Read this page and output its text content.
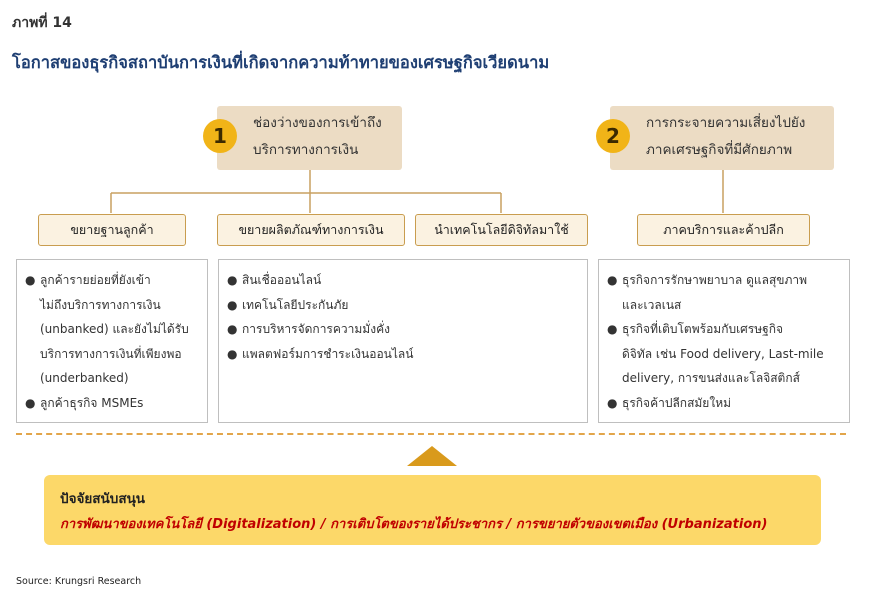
ภาพที่ 14
โอกาสของธุรกิจสถาบันการเงินที่เกิดจากความท้าทายของเศรษฐกิจเวียดนาม
1
ช่องว่างของการเข้าถึง
บริการทางการเงิน
2
การกระจายความเสี่ยงไปยัง
ภาคเศรษฐกิจที่มีศักยภาพ
ขยายฐานลูกค้า	ขยายผลิตภัณฑ์ทางการเงิน	นำเทคโนโลยีดิจิทัลมาใช้	ภาคบริการและค้าปลีก
● ลูกค้ารายย่อยที่ยังเข้า
ไม่ถึงบริการทางการเงิน
(unbanked) และยังไม่ได้รับ
บริการทางการเงินที่เพียงพอ
(underbanked)
● ลูกค้าธุรกิจ MSMEs
● สินเชื่อออนไลน์
● เทคโนโลยีประกันภัย
● การบริหารจัดการความมั่งคั่ง
● แพลตฟอร์มการชำระเงินออนไลน์
● ธุรกิจการรักษาพยาบาล ดูแลสุขภาพ
และเวลเนส
● ธุรกิจที่เติบโตพร้อมกับเศรษฐกิจ
ดิจิทัล เช่น Food delivery, Last-mile
delivery, การขนส่งและโลจิสติกส์
● ธุรกิจค้าปลีกสมัยใหม่
ปัจจัยสนับสนุน
การพัฒนาของเทคโนโลยี (Digitalization) / การเติบโตของรายได้ประชากร / การขยายตัวของเขตเมือง (Urbanization)
Source: Krungsri Research
